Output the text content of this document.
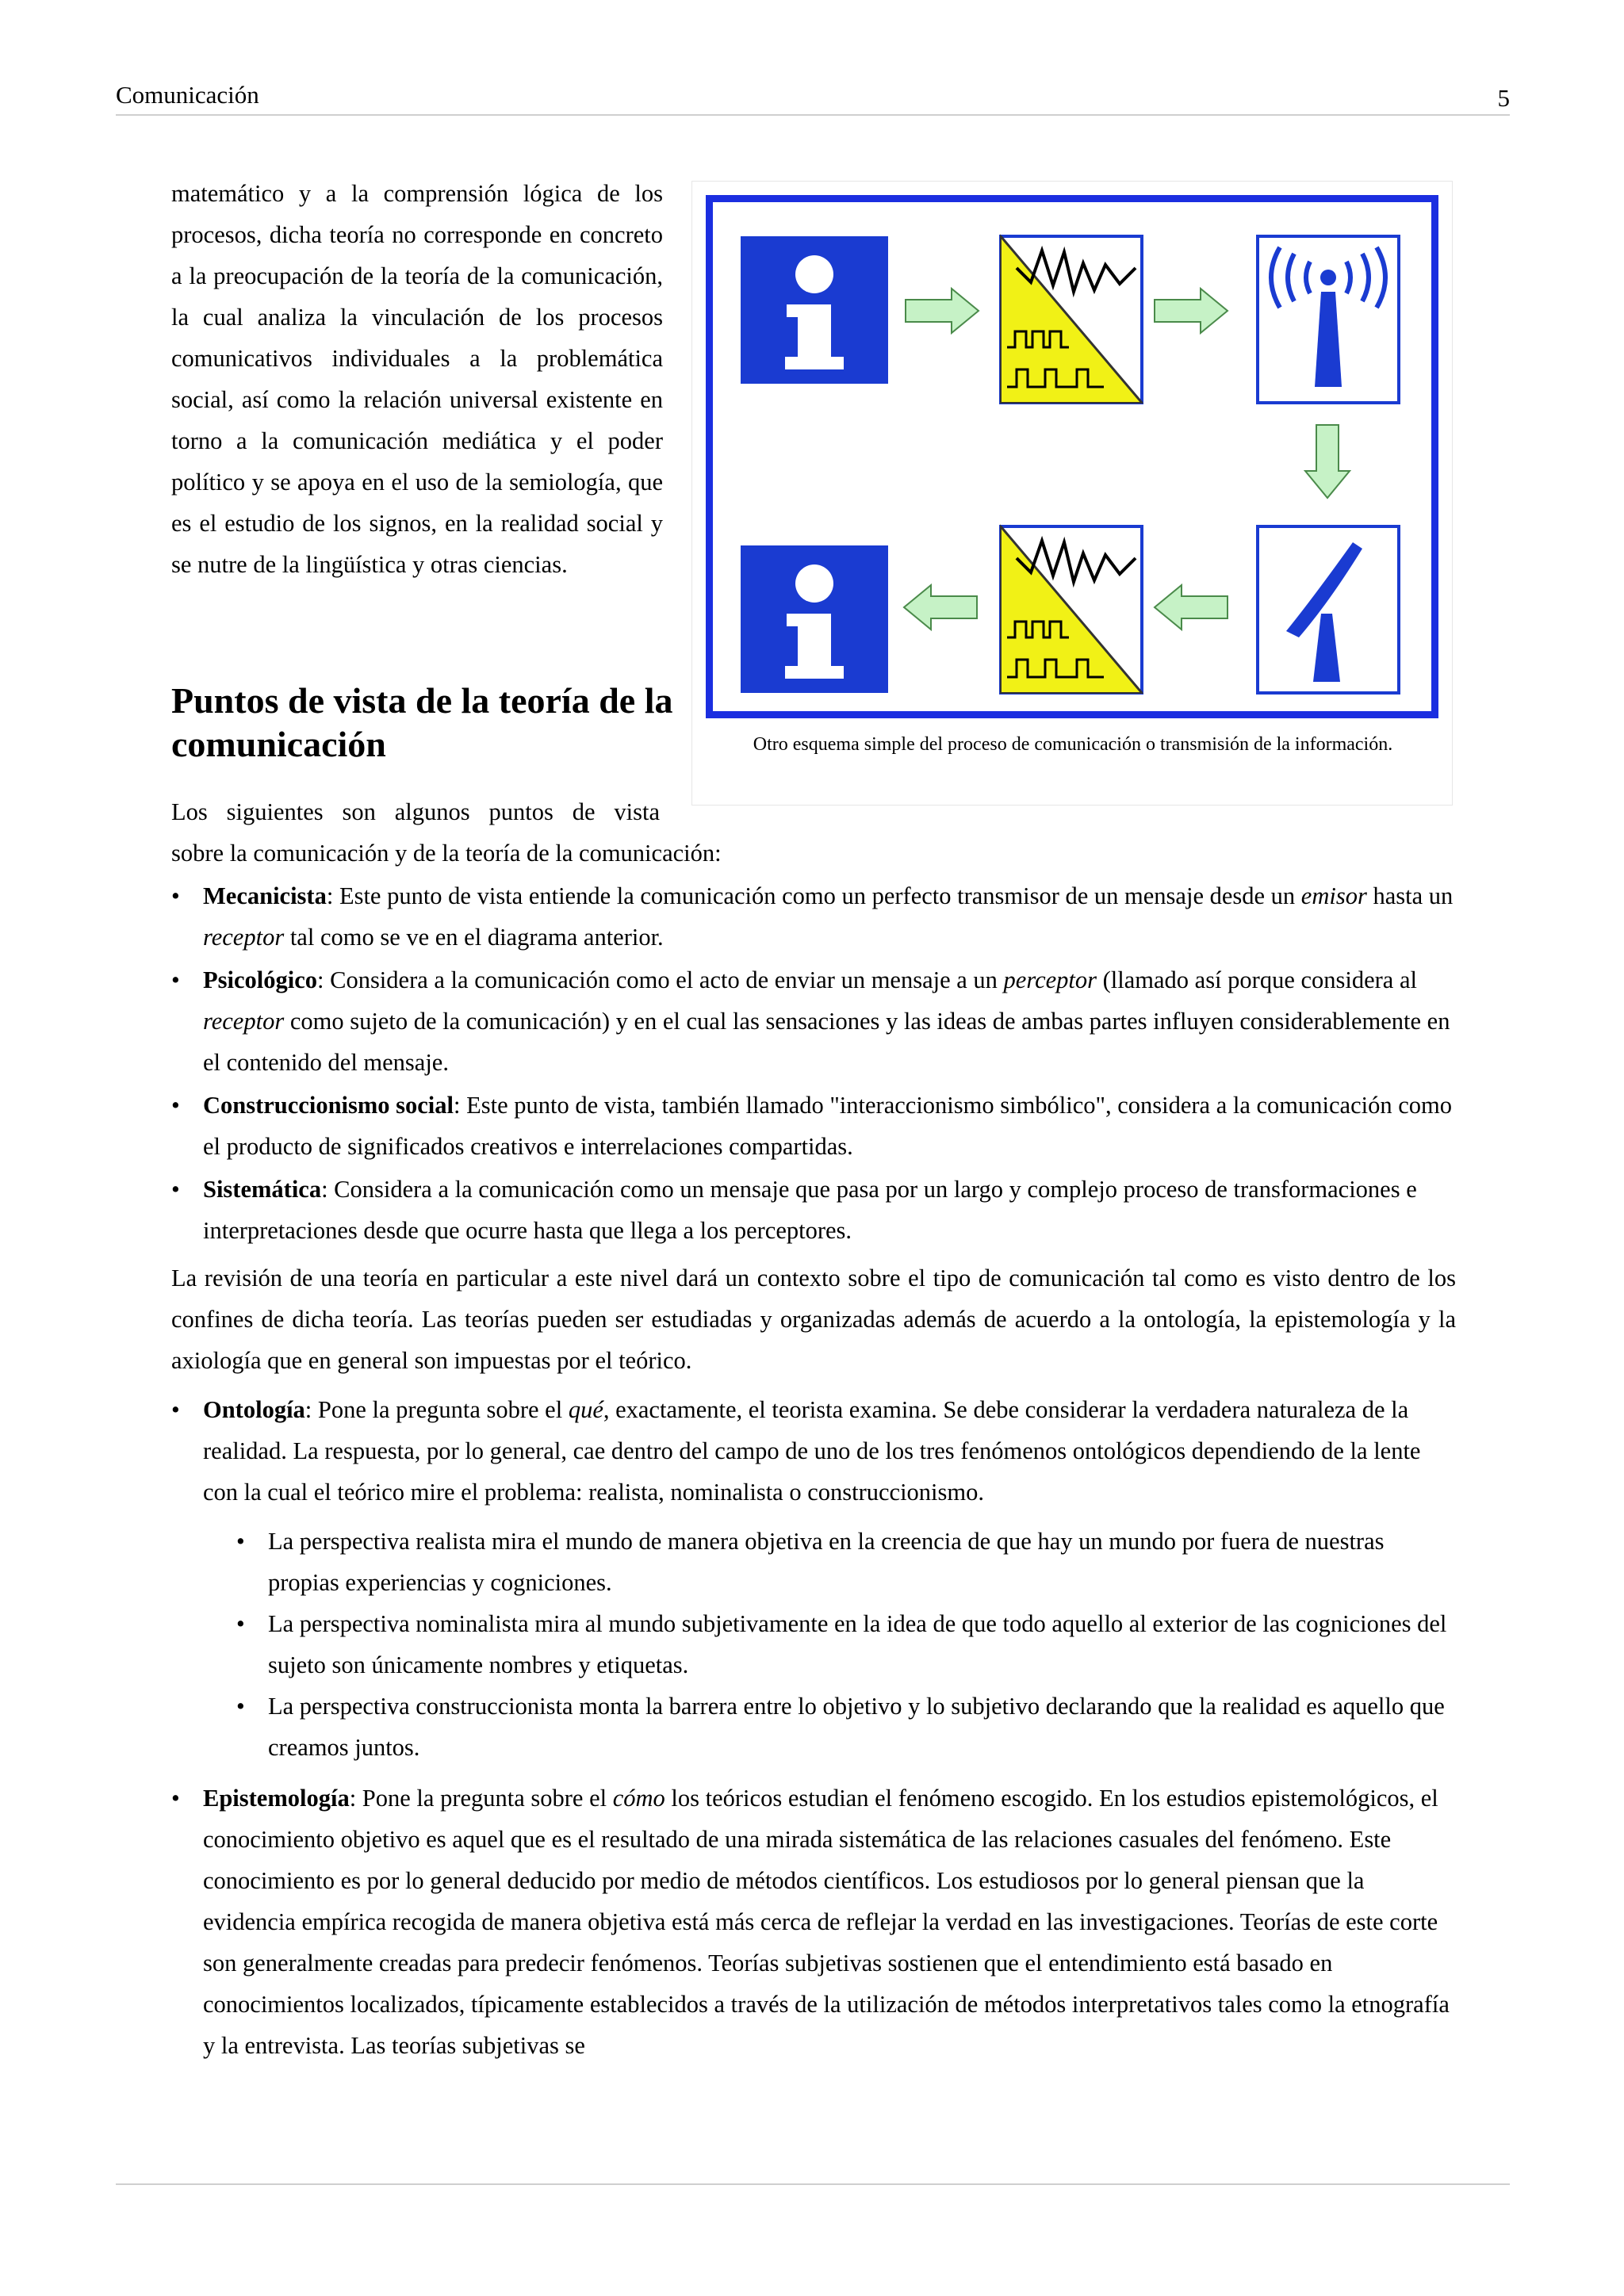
Comunicación	5

matemático y a la comprensión lógica de los procesos, dicha teoría no corresponde en concreto a la preocupación de la teoría de la comunicación, la cual analiza la vinculación de los procesos comunicativos individuales a la problemática social, así como la relación universal existente en torno a la comunicación mediática y el poder político y se apoya en el uso de la semiología, que es el estudio de los signos, en la realidad social y se nutre de la lingüística y otras ciencias.

Puntos de vista de la teoría de la comunicación	Otro esquema simple del proceso de comunicación o transmisión de la información.
Los siguientes son algunos puntos de vista
sobre la comunicación y de la teoría de la comunicación:
• Mecanicista: Este punto de vista entiende la comunicación como un perfecto transmisor de un mensaje desde un emisor hasta un receptor tal como se ve en el diagrama anterior.
• Psicológico: Considera a la comunicación como el acto de enviar un mensaje a un perceptor (llamado así porque considera al receptor como sujeto de la comunicación) y en el cual las sensaciones y las ideas de ambas partes influyen considerablemente en el contenido del mensaje.
• Construccionismo social: Este punto de vista, también llamado "interaccionismo simbólico", considera a la comunicación como el producto de significados creativos e interrelaciones compartidas.
• Sistemática: Considera a la comunicación como un mensaje que pasa por un largo y complejo proceso de transformaciones e interpretaciones desde que ocurre hasta que llega a los perceptores.

La revisión de una teoría en particular a este nivel dará un contexto sobre el tipo de comunicación tal como es visto dentro de los confines de dicha teoría. Las teorías pueden ser estudiadas y organizadas además de acuerdo a la ontología, la epistemología y la axiología que en general son impuestas por el teórico.

• Ontología: Pone la pregunta sobre el qué, exactamente, el teorista examina. Se debe considerar la verdadera naturaleza de la realidad. La respuesta, por lo general, cae dentro del campo de uno de los tres fenómenos ontológicos dependiendo de la lente con la cual el teórico mire el problema: realista, nominalista o construccionismo.
• La perspectiva realista mira el mundo de manera objetiva en la creencia de que hay un mundo por fuera de nuestras propias experiencias y cogniciones.
• La perspectiva nominalista mira al mundo subjetivamente en la idea de que todo aquello al exterior de las cogniciones del sujeto son únicamente nombres y etiquetas.
• La perspectiva construccionista monta la barrera entre lo objetivo y lo subjetivo declarando que la realidad es aquello que creamos juntos.
• Epistemología: Pone la pregunta sobre el cómo los teóricos estudian el fenómeno escogido. En los estudios epistemológicos, el conocimiento objetivo es aquel que es el resultado de una mirada sistemática de las relaciones casuales del fenómeno. Este conocimiento es por lo general deducido por medio de métodos científicos. Los estudiosos por lo general piensan que la evidencia empírica recogida de manera objetiva está más cerca de reflejar la verdad en las investigaciones. Teorías de este corte son generalmente creadas para predecir fenómenos. Teorías subjetivas sostienen que el entendimiento está basado en conocimientos localizados, típicamente establecidos a través de la utilización de métodos interpretativos tales como la etnografía y la entrevista. Las teorías subjetivas se
